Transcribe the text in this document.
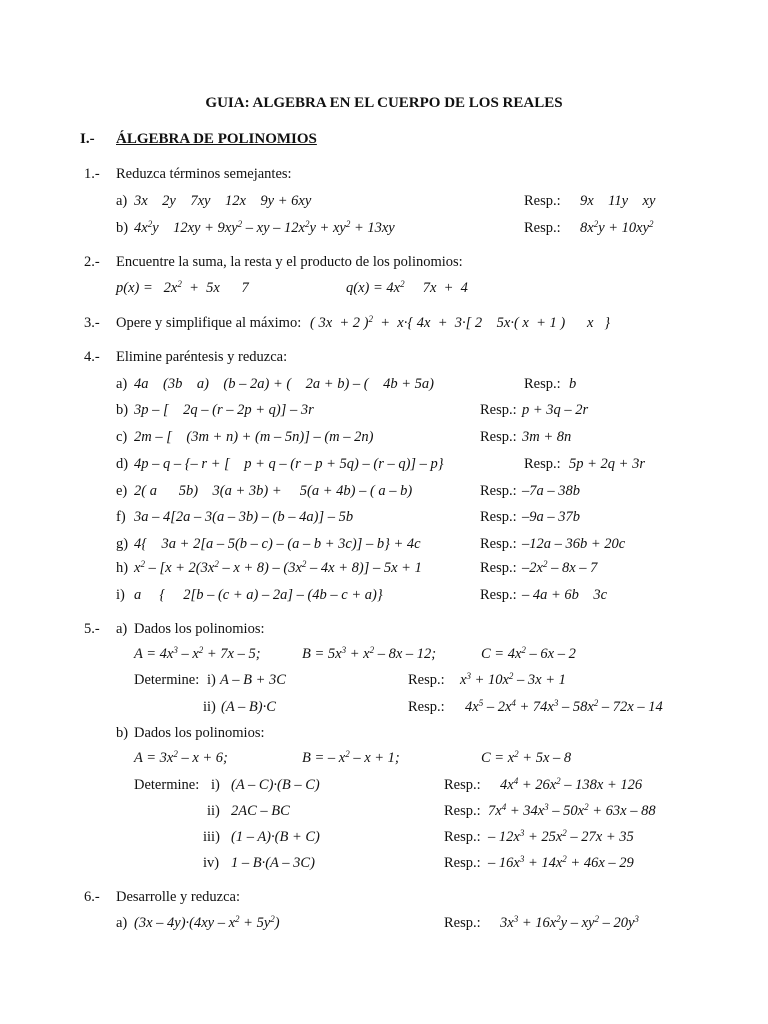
GUIA: ALGEBRA EN EL CUERPO DE LOS REALES
I.- ÁLGEBRA DE POLINOMIOS
1.- Reduzca términos semejantes:
a) 3x    2y    7xy    12x    9y + 6xy	Resp.: 9x    11y    xy
b) $4x^2y$    $12xy + 9xy^2$ – xy – $12x^2y + xy^2 + 13xy$	Resp.: $8x^2y + 10xy^2$
2.- Encuentre la suma, la resta y el producto de los polinomios:
$p(x) = 2x^2 + 5x$      7	$q(x) = 4x^2$     7x  +  4
3.- Opere y simplifique al máximo: ( 3x  + 2 )$^2$  +  x·{ 4x  +  3·[ 2    5x·( x  + 1 )      x   }
4.- Elimine paréntesis y reduzca:
a) 4a    (3b    a)    (b – 2a) + (    2a + b) – (    4b + 5a)	Resp.: b
b) 3p – [    2q – (r – 2p + q)] – 3r	Resp.: p + 3q – 2r
c) 2m – [    (3m + n) + (m – 5n)] – (m – 2n)	Resp.: 3m + 8n
d) 4p – q – {– r + [    p + q – (r – p + 5q) – (r – q)] – p}	Resp.: 5p + 2q + 3r
e) 2( a      5b)    3(a + 3b) +     5(a + 4b) – ( a – b)	Resp.: –7a – 38b
f) 3a – 4[2a – 3(a – 3b) – (b – 4a)] – 5b	Resp.: –9a – 37b
g) 4{    3a + 2[a – 5(b – c) – (a – b + 3c)] – b} + 4c	Resp.: –12a – 36b + 20c
h) $x^2 - [x + 2(3x^2 - x + 8) - (3x^2 - 4x + 8)] - 5x + 1$	Resp.: $-2x^2 - 8x - 7$
i) a     {     2[b – (c + a) – 2a] – (4b – c + a)}	Resp.: – 4a + 6b    3c
5.- a) Dados los polinomios:
$A = 4x^3 - x^2 + 7x - 5$;	$B = 5x^3 + x^2 - 8x - 12$;	$C = 4x^2 - 6x - 2$
Determine: i) A – B + 3C	Resp.: $x^3 + 10x^2 - 3x + 1$
ii) (A – B)·C	Resp.: $4x^5 - 2x^4 + 74x^3 - 58x^2 - 72x - 14$
b) Dados los polinomios:
$A = 3x^2 - x + 6$;	B = – $x^2 - x + 1$;	$C = x^2 + 5x - 8$
Determine: i) (A – C)·(B – C)	Resp.: $4x^4 + 26x^2 - 138x + 126$
ii) 2AC – BC	Resp.: $7x^4 + 34x^3 - 50x^2 + 63x - 88$
iii) (1 – A)·(B + C)	Resp.: – $12x^3 + 25x^2 - 27x + 35$
iv) 1 – B·(A – 3C)	Resp.: – $16x^3 + 14x^2 + 46x - 29$
6.- Desarrolle y reduzca:
a) $(3x - 4y)\cdot(4xy - x^2 + 5y^2)$	Resp.: $3x^3 + 16x^2y - xy^2 - 20y^3$
